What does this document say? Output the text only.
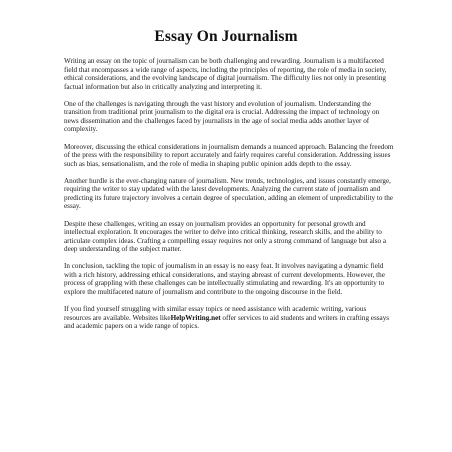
Essay On Journalism

Writing an essay on the topic of journalism can be both challenging and rewarding. Journalism is a multifaceted field that encompasses a wide range of aspects, including the principles of reporting, the role of media in society, ethical considerations, and the evolving landscape of digital journalism. The difficulty lies not only in presenting factual information but also in critically analyzing and interpreting it.

One of the challenges is navigating through the vast history and evolution of journalism. Understanding the transition from traditional print journalism to the digital era is crucial. Addressing the impact of technology on news dissemination and the challenges faced by journalists in the age of social media adds another layer of complexity.

Moreover, discussing the ethical considerations in journalism demands a nuanced approach. Balancing the freedom of the press with the responsibility to report accurately and fairly requires careful consideration. Addressing issues such as bias, sensationalism, and the role of media in shaping public opinion adds depth to the essay.

Another hurdle is the ever-changing nature of journalism. New trends, technologies, and issues constantly emerge, requiring the writer to stay updated with the latest developments. Analyzing the current state of journalism and predicting its future trajectory involves a certain degree of speculation, adding an element of unpredictability to the essay.

Despite these challenges, writing an essay on journalism provides an opportunity for personal growth and intellectual exploration. It encourages the writer to delve into critical thinking, research skills, and the ability to articulate complex ideas. Crafting a compelling essay requires not only a strong command of language but also a deep understanding of the subject matter.

In conclusion, tackling the topic of journalism in an essay is no easy feat. It involves navigating a dynamic field with a rich history, addressing ethical considerations, and staying abreast of current developments. However, the process of grappling with these challenges can be intellectually stimulating and rewarding. It's an opportunity to explore the multifaceted nature of journalism and contribute to the ongoing discourse in the field.

If you find yourself struggling with similar essay topics or need assistance with academic writing, various resources are available. Websites likeHelpWriting.net offer services to aid students and writers in crafting essays and academic papers on a wide range of topics.
